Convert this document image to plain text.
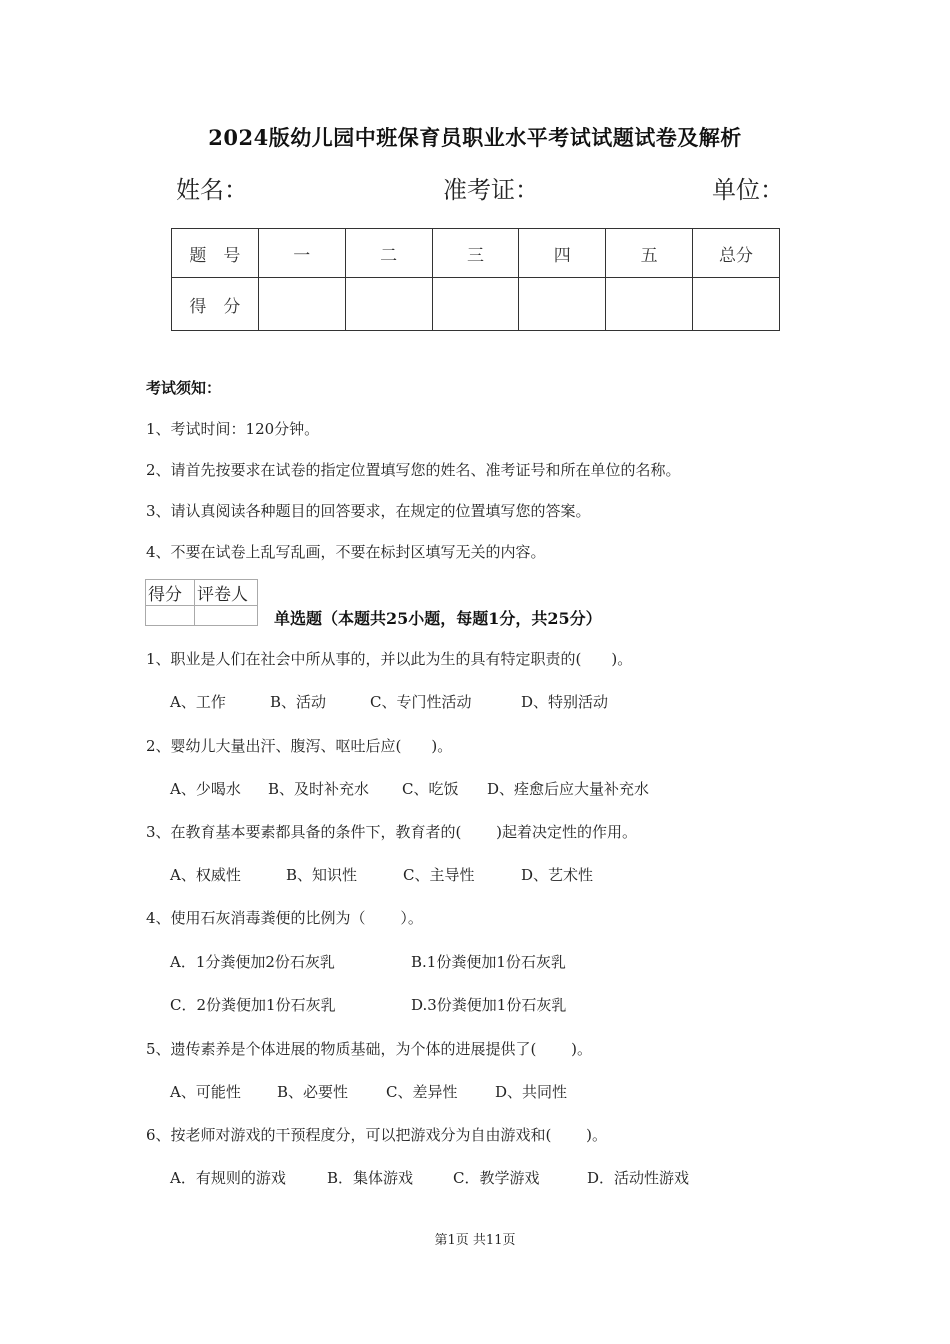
2024版幼儿园中班保育员职业水平考试试题试卷及解析
姓名：	准考证：	单位：
题　号	一	二	三	四	五	总分
得　分						
考试须知：
1、考试时间：120分钟。
2、请首先按要求在试卷的指定位置填写您的姓名、准考证号和所在单位的名称。
3、请认真阅读各种题目的回答要求，在规定的位置填写您的答案。
4、不要在试卷上乱写乱画，不要在标封区填写无关的内容。
得分	评卷人

单选题（本题共25小题，每题1分，共25分）
1、职业是人们在社会中所从事的，并以此为生的具有特定职责的(　　)。
A、工作	B、活动	C、专门性活动	D、特别活动
2、婴幼儿大量出汗、腹泻、呕吐后应(　　)。
A、少喝水 B、及时补充水 C、吃饭 D、痊愈后应大量补充水
3、在教育基本要素都具备的条件下，教育者的(　　 )起着决定性的作用。
A、权威性	B、知识性	C、主导性	D、艺术性
4、使用石灰消毒粪便的比例为（　　 ）。
A．1分粪便加2份石灰乳	B.1份粪便加1份石灰乳
C．2份粪便加1份石灰乳	D.3份粪便加1份石灰乳
5、遗传素养是个体进展的物质基础，为个体的进展提供了(　　 )。
A、可能性 B、必要性	C、差异性	D、共同性
6、按老师对游戏的干预程度分，可以把游戏分为自由游戏和(　　 )。
A．有规则的游戏	B．集体游戏	C．教学游戏	D．活动性游戏
第1页 共11页
